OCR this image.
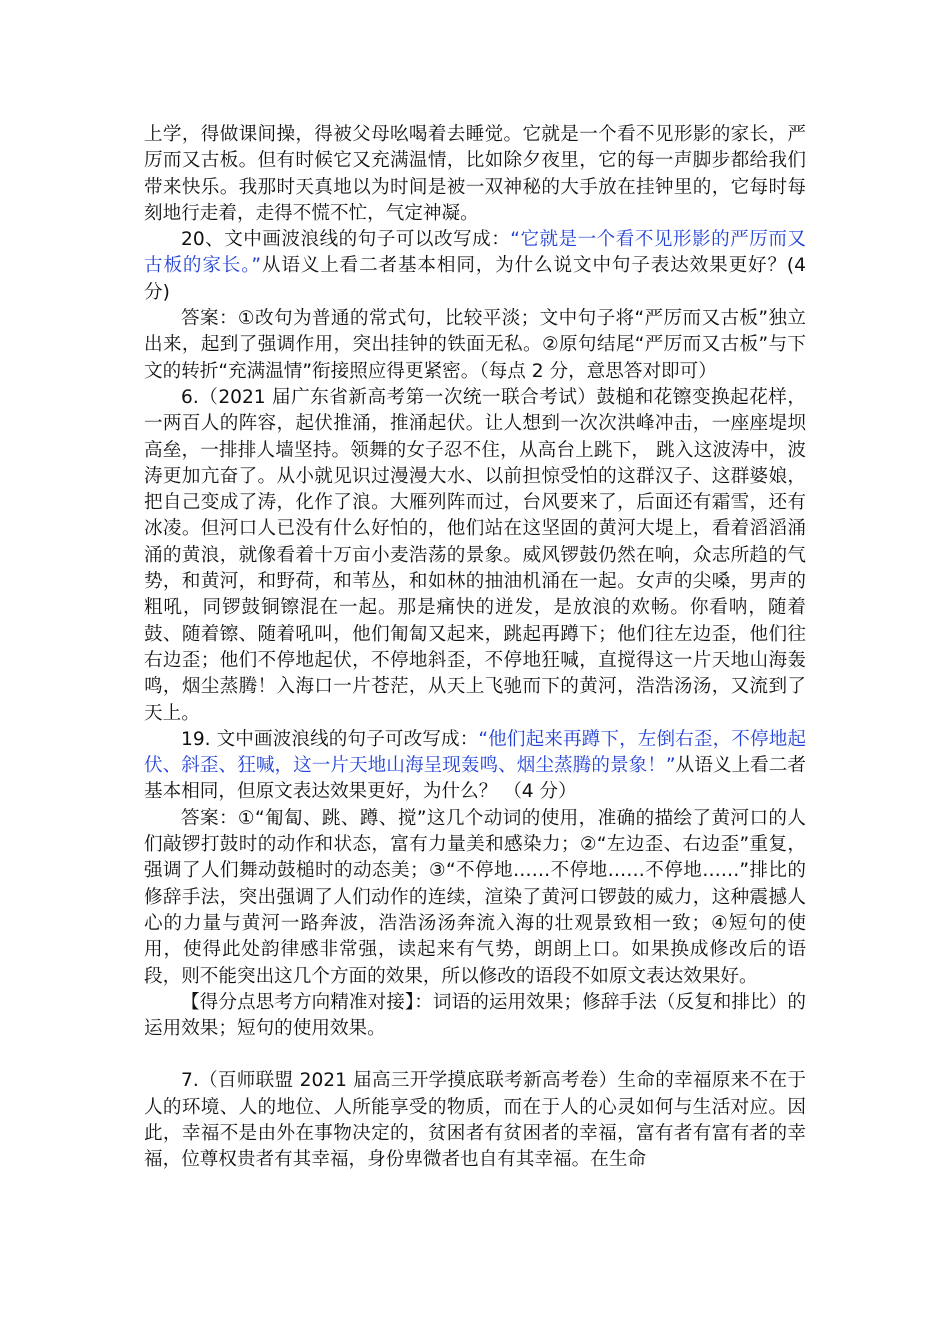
上学，得做课间操，得被父母吆喝着去睡觉。它就是一个看不见形影的家长，严厉而又古板。但有时候它又充满温情，比如除夕夜里，它的每一声脚步都给我们带来快乐。我那时天真地以为时间是被一双神秘的大手放在挂钟里的，它每时每刻地行走着，走得不慌不忙，气定神凝。

20、文中画波浪线的句子可以改写成：“它就是一个看不见形影的严厉而又古板的家长。”从语义上看二者基本相同，为什么说文中句子表达效果更好？(4 分)

答案：①改句为普通的常式句，比较平淡；文中句子将“严厉而又古板”独立出来，起到了强调作用，突出挂钟的铁面无私。②原句结尾“严厉而又古板”与下文的转折“充满温情”衔接照应得更紧密。（每点 2 分，意思答对即可）

6.（2021 届广东省新高考第一次统一联合考试）鼓槌和花镲变换起花样，一两百人的阵容，起伏推涌，推涌起伏。让人想到一次次洪峰冲击，一座座堤坝高垒，一排排人墙坚持。领舞的女子忍不住，从高台上跳下， 跳入这波涛中，波涛更加亢奋了。从小就见识过漫漫大水、以前担惊受怕的这群汉子、这群婆娘，把自己变成了涛，化作了浪。大雁列阵而过，台风要来了，后面还有霜雪，还有冰凌。但河口人已没有什么好怕的，他们站在这坚固的黄河大堤上，看着滔滔涌涌的黄浪，就像看着十万亩小麦浩荡的景象。威风锣鼓仍然在响，众志所趋的气势，和黄河，和野荷，和苇丛，和如林的抽油机涌在一起。女声的尖嗓，男声的粗吼，同锣鼓铜镲混在一起。那是痛快的迸发，是放浪的欢畅。你看呐，随着鼓、随着镲、随着吼叫，他们匍匐又起来，跳起再蹲下；他们往左边歪，他们往右边歪；他们不停地起伏，不停地斜歪，不停地狂喊，直搅得这一片天地山海轰鸣，烟尘蒸腾！入海口一片苍茫，从天上飞驰而下的黄河，浩浩汤汤，又流到了天上。

19. 文中画波浪线的句子可改写成：“他们起来再蹲下，左倒右歪，不停地起伏、斜歪、狂喊，这一片天地山海呈现轰鸣、烟尘蒸腾的景象！”从语义上看二者基本相同，但原文表达效果更好，为什么？ （4 分）

答案：①“匍匐、跳、蹲、搅”这几个动词的使用，准确的描绘了黄河口的人们敲锣打鼓时的动作和状态，富有力量美和感染力；②“左边歪、右边歪”重复，强调了人们舞动鼓槌时的动态美；③“不停地……不停地……不停地……”排比的修辞手法，突出强调了人们动作的连续，渲染了黄河口锣鼓的威力，这种震撼人心的力量与黄河一路奔波，浩浩汤汤奔流入海的壮观景致相一致；④短句的使用，使得此处韵律感非常强，读起来有气势，朗朗上口。如果换成修改后的语段，则不能突出这几个方面的效果，所以修改的语段不如原文表达效果好。

【得分点思考方向精准对接】：词语的运用效果；修辞手法（反复和排比）的运用效果；短句的使用效果。

7.（百师联盟 2021 届高三开学摸底联考新高考卷）生命的幸福原来不在于人的环境、人的地位、人所能享受的物质，而在于人的心灵如何与生活对应。因此，幸福不是由外在事物决定的，贫困者有贫困者的幸福，富有者有富有者的幸福，位尊权贵者有其幸福，身份卑微者也自有其幸福。在生命
